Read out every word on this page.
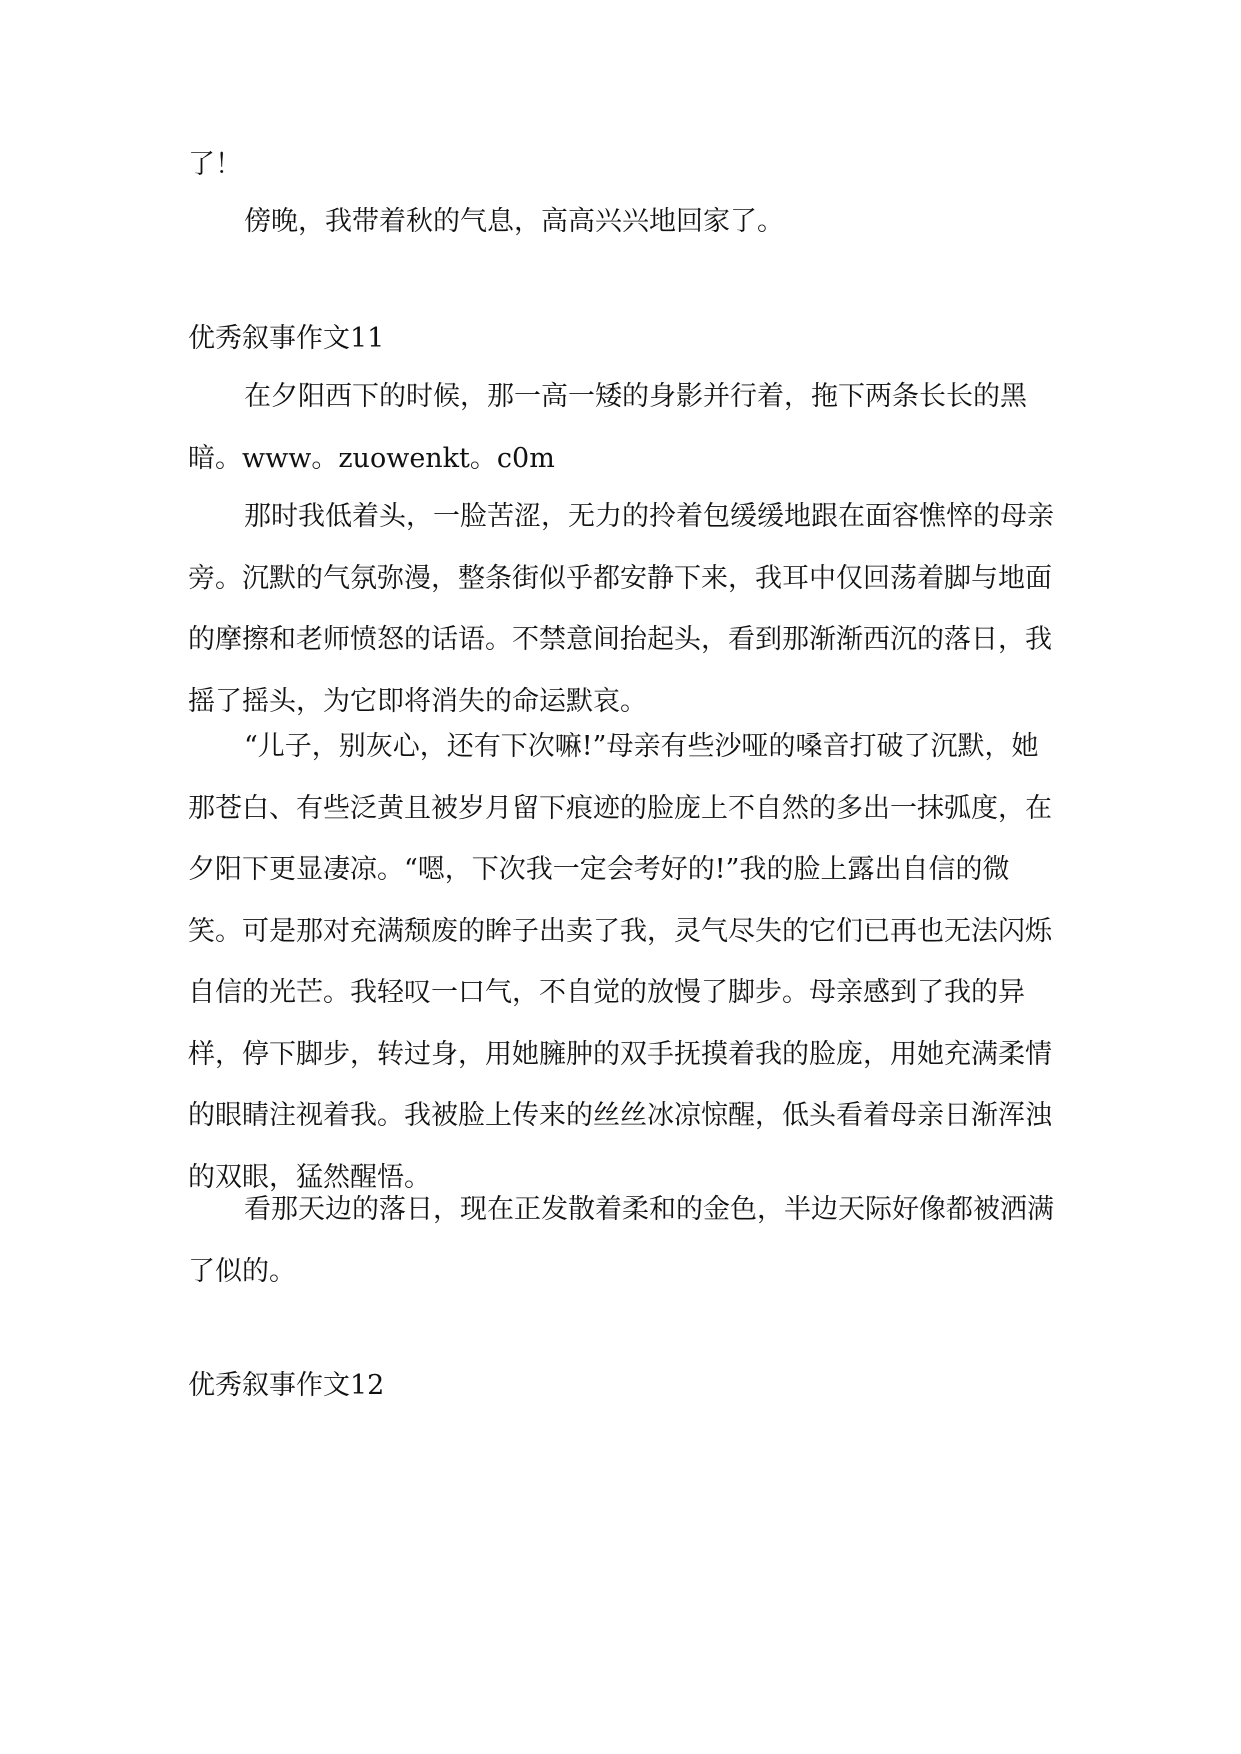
了！

傍晚，我带着秋的气息，高高兴兴地回家了。

优秀叙事作文11

在夕阳西下的时候，那一高一矮的身影并行着，拖下两条长长的黑暗。www。zuowenkt。c0m

那时我低着头，一脸苦涩，无力的拎着包缓缓地跟在面容憔悴的母亲旁。沉默的气氛弥漫，整条街似乎都安静下来，我耳中仅回荡着脚与地面的摩擦和老师愤怒的话语。不禁意间抬起头，看到那渐渐西沉的落日，我摇了摇头，为它即将消失的命运默哀。

“儿子，别灰心，还有下次嘛!”母亲有些沙哑的嗓音打破了沉默，她那苍白、有些泛黄且被岁月留下痕迹的脸庞上不自然的多出一抹弧度，在夕阳下更显凄凉。“嗯，下次我一定会考好的!”我的脸上露出自信的微笑。可是那对充满颓废的眸子出卖了我，灵气尽失的它们已再也无法闪烁自信的光芒。我轻叹一口气，不自觉的放慢了脚步。母亲感到了我的异样，停下脚步，转过身，用她臃肿的双手抚摸着我的脸庞，用她充满柔情的眼睛注视着我。我被脸上传来的丝丝冰凉惊醒，低头看着母亲日渐浑浊的双眼，猛然醒悟。

看那天边的落日，现在正发散着柔和的金色，半边天际好像都被洒满了似的。

优秀叙事作文12
